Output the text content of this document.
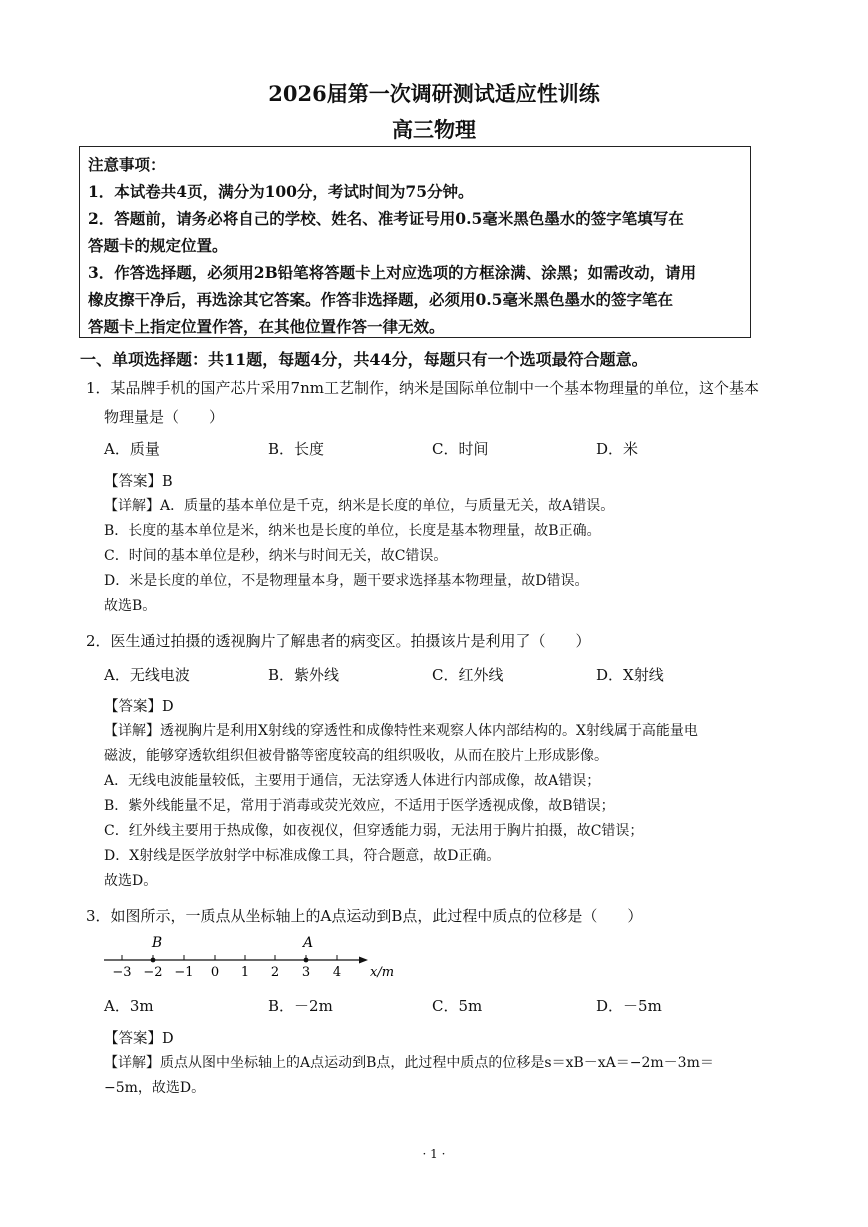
2026届第一次调研测试适应性训练
高三物理
注意事项：
1．本试卷共4页，满分为100分，考试时间为75分钟。
2．答题前，请务必将自己的学校、姓名、准考证号用0.5毫米黑色墨水的签字笔填写在
答题卡的规定位置。
3．作答选择题，必须用2B铅笔将答题卡上对应选项的方框涂满、涂黑；如需改动，请用
橡皮擦干净后，再选涂其它答案。作答非选择题，必须用0.5毫米黑色墨水的签字笔在
答题卡上指定位置作答，在其他位置作答一律无效。
一、单项选择题：共11题，每题4分，共44分，每题只有一个选项最符合题意。
1．某品牌手机的国产芯片采用7nm工艺制作，纳米是国际单位制中一个基本物理量的单位，这个基本
物理量是（　　）
A．质量	B．长度	C．时间	D．米
【答案】B
【详解】A．质量的基本单位是千克，纳米是长度的单位，与质量无关，故A错误。
B．长度的基本单位是米，纳米也是长度的单位，长度是基本物理量，故B正确。
C．时间的基本单位是秒，纳米与时间无关，故C错误。
D．米是长度的单位，不是物理量本身，题干要求选择基本物理量，故D错误。
故选B。
2．医生通过拍摄的透视胸片了解患者的病变区。拍摄该片是利用了（　　）
A．无线电波	B．紫外线	C．红外线	D．X射线
【答案】D
【详解】透视胸片是利用X射线的穿透性和成像特性来观察人体内部结构的。X射线属于高能量电
磁波，能够穿透软组织但被骨骼等密度较高的组织吸收，从而在胶片上形成影像。
A．无线电波能量较低，主要用于通信，无法穿透人体进行内部成像，故A错误；
B．紫外线能量不足，常用于消毒或荧光效应，不适用于医学透视成像，故B错误；
C．红外线主要用于热成像，如夜视仪，但穿透能力弱，无法用于胸片拍摄，故C错误；
D．X射线是医学放射学中标准成像工具，符合题意，故D正确。
故选D。
3．如图所示，一质点从坐标轴上的A点运动到B点，此过程中质点的位移是（　　）
−3 −2 −1 0 1 2 3 4 x/m
B	A
A．3m	B．－2m	C．5m	D．－5m
【答案】D
【详解】质点从图中坐标轴上的A点运动到B点，此过程中质点的位移是s＝xB－xA＝−2m－3m＝
−5m，故选D。
· 1 ·
